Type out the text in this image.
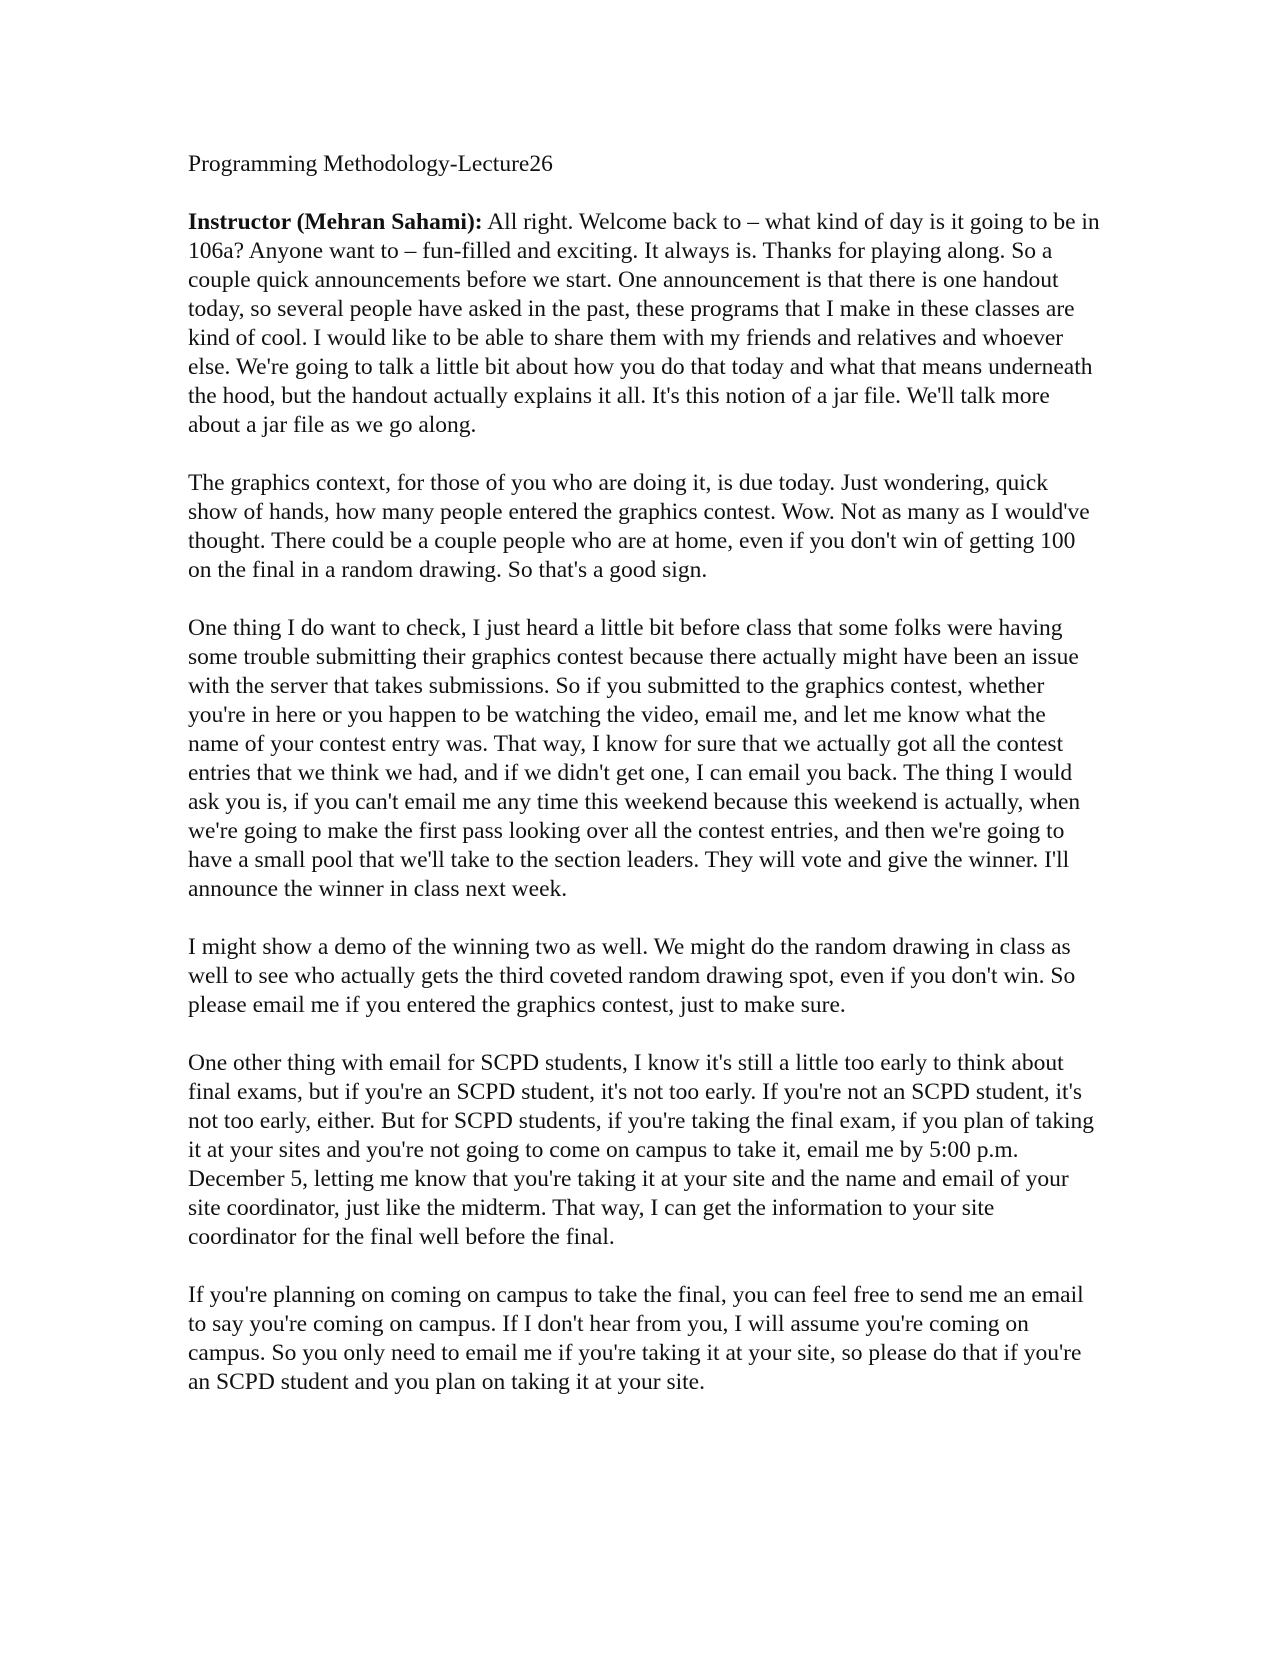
Programming Methodology-Lecture26

Instructor (Mehran Sahami): All right. Welcome back to – what kind of day is it going to be in 106a? Anyone want to – fun-filled and exciting. It always is. Thanks for playing along. So a couple quick announcements before we start. One announcement is that there is one handout today, so several people have asked in the past, these programs that I make in these classes are kind of cool. I would like to be able to share them with my friends and relatives and whoever else. We're going to talk a little bit about how you do that today and what that means underneath the hood, but the handout actually explains it all. It's this notion of a jar file. We'll talk more about a jar file as we go along.

The graphics context, for those of you who are doing it, is due today. Just wondering, quick show of hands, how many people entered the graphics contest. Wow. Not as many as I would've thought. There could be a couple people who are at home, even if you don't win of getting 100 on the final in a random drawing. So that's a good sign.

One thing I do want to check, I just heard a little bit before class that some folks were having some trouble submitting their graphics contest because there actually might have been an issue with the server that takes submissions. So if you submitted to the graphics contest, whether you're in here or you happen to be watching the video, email me, and let me know what the name of your contest entry was. That way, I know for sure that we actually got all the contest entries that we think we had, and if we didn't get one, I can email you back. The thing I would ask you is, if you can't email me any time this weekend because this weekend is actually, when we're going to make the first pass looking over all the contest entries, and then we're going to have a small pool that we'll take to the section leaders. They will vote and give the winner. I'll announce the winner in class next week.

I might show a demo of the winning two as well. We might do the random drawing in class as well to see who actually gets the third coveted random drawing spot, even if you don't win. So please email me if you entered the graphics contest, just to make sure.

One other thing with email for SCPD students, I know it's still a little too early to think about final exams, but if you're an SCPD student, it's not too early. If you're not an SCPD student, it's not too early, either. But for SCPD students, if you're taking the final exam, if you plan of taking it at your sites and you're not going to come on campus to take it, email me by 5:00 p.m. December 5, letting me know that you're taking it at your site and the name and email of your site coordinator, just like the midterm. That way, I can get the information to your site coordinator for the final well before the final.

If you're planning on coming on campus to take the final, you can feel free to send me an email to say you're coming on campus. If I don't hear from you, I will assume you're coming on campus. So you only need to email me if you're taking it at your site, so please do that if you're an SCPD student and you plan on taking it at your site.
